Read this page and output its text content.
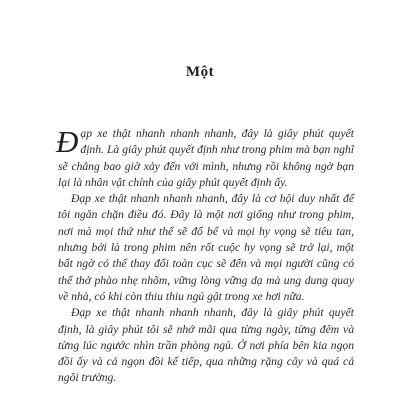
Một

Đạp xe thật nhanh nhanh nhanh, đây là giây phút quyết định. Là giây phút quyết định như trong phim mà bạn nghĩ sẽ chẳng bao giờ xảy đến với mình, nhưng rồi không ngờ bạn lại là nhân vật chính của giây phút quyết định ấy.

Đạp xe thật nhanh nhanh nhanh, đây là cơ hội duy nhất để tôi ngăn chặn điều đó. Đây là một nơi giống như trong phim, nơi mà mọi thứ như thể sẽ đổ bể và mọi hy vọng sẽ tiêu tan, nhưng bởi là trong phim nên rốt cuộc hy vọng sẽ trở lại, một bất ngờ có thể thay đổi toàn cục sẽ đến và mọi người cũng có thể thở phào nhẹ nhõm, vững lòng vững dạ mà ung dung quay về nhà, có khi còn thiu thiu ngủ gật trong xe hơi nữa.

Đạp xe thật nhanh nhanh nhanh, đây là giây phút quyết định, là giây phút tôi sẽ nhớ mãi qua từng ngày, từng đêm và từng lúc ngước nhìn trần phòng ngủ. Ở nơi phía bên kia ngọn đồi ấy và cả ngọn đồi kế tiếp, qua những rặng cây và quá cả ngôi trường.
